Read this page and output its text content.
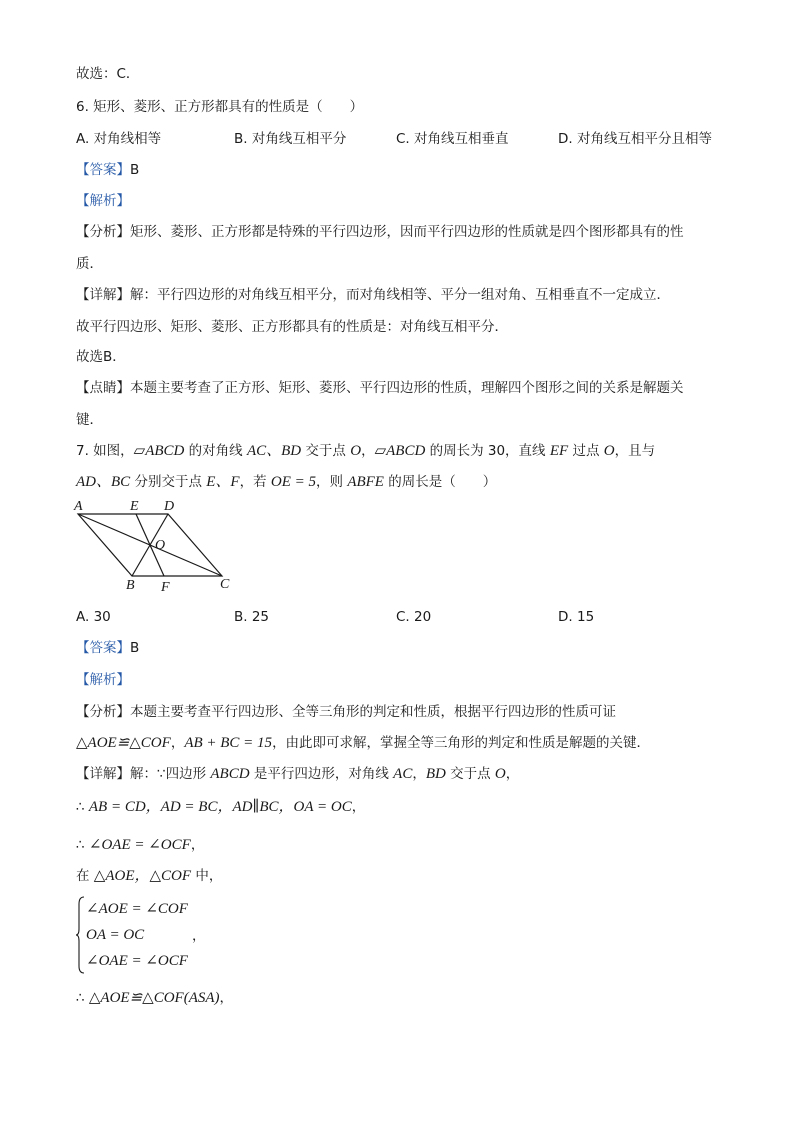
故选：C．
6. 矩形、菱形、正方形都具有的性质是（　　）
A. 对角线相等	B. 对角线互相平分	C. 对角线互相垂直	D. 对角线互相平分且相等
【答案】B
【解析】
【分析】矩形、菱形、正方形都是特殊的平行四边形，因而平行四边形的性质就是四个图形都具有的性
质．
【详解】解：平行四边形的对角线互相平分，而对角线相等、平分一组对角、互相垂直不一定成立．
故平行四边形、矩形、菱形、正方形都具有的性质是：对角线互相平分．
故选B．
【点睛】本题主要考查了正方形、矩形、菱形、平行四边形的性质，理解四个图形之间的关系是解题关
键．
7. 如图，▱ABCD 的对角线 AC、BD 交于点 O，▱ABCD 的周长为 30，直线 EF 过点 O，且与
AD、BC 分别交于点 E、F，若 OE = 5，则 ABFE 的周长是（　　）
A	E D
O
B F	C
A. 30	B. 25	C. 20	D. 15
【答案】B
【解析】
【分析】本题主要考查平行四边形、全等三角形的判定和性质，根据平行四边形的性质可证
△AOE≌△COF，AB + BC = 15，由此即可求解，掌握全等三角形的判定和性质是解题的关键．
【详解】解：∵四边形 ABCD 是平行四边形，对角线 AC，BD 交于点 O，
∴ AB = CD，AD = BC，AD∥BC，OA = OC，
∴ ∠OAE = ∠OCF，
在 △AOE，△COF 中，
∠AOE = ∠COF
OA = OC
∠OAE = ∠OCF
，
∴ △AOE≌△COF(ASA)，
